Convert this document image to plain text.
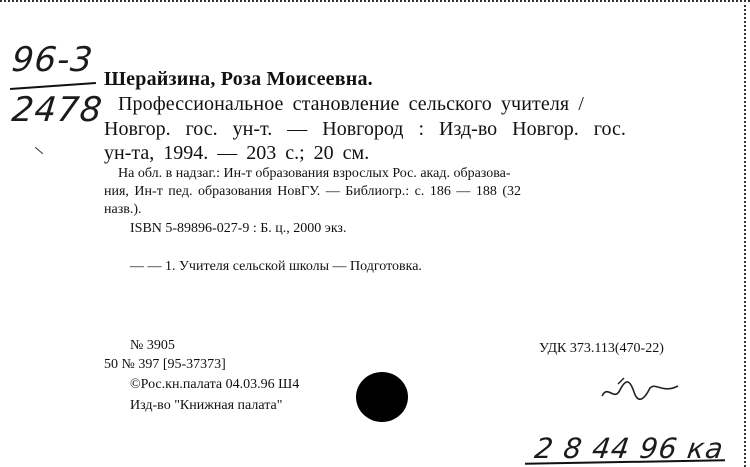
96-3
2478
Шерайзина, Роза Моисеевна.
Профессиональное становление сельского учителя /
Новгор. гос. ун-т. — Новгород : Изд-во Новгор. гос.
ун-та, 1994. — 203 с.; 20 см.
На обл. в надзаг.: Ин-т образования взрослых Рос. акад. образова-
ния, Ин-т пед. образования НовГУ. — Библиогр.: с. 186 — 188 (32
назв.).
ISBN 5-89896-027-9 : Б. ц., 2000 экз.
— — 1. Учителя сельской школы — Подготовка.
№ 3905	УДК 373.113(470-22)
50 № 397 [95-37373]
©Рос.кн.палата 04.03.96 Ш4
Изд-во "Книжная палата"
2 8 44 96 ка
